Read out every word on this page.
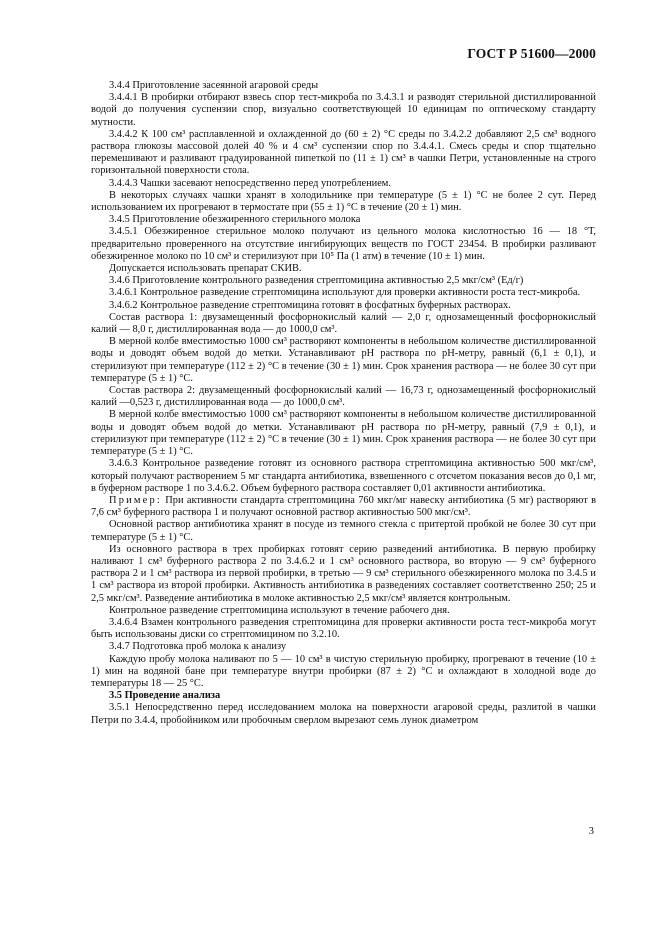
ГОСТ Р 51600—2000

3.4.4 Приготовление засеянной агаровой среды

3.4.4.1 В пробирки отбирают взвесь спор тест-микроба по 3.4.3.1 и разводят стерильной дистиллированной водой до получения суспензии спор, визуально соответствующей 10 единицам по оптическому стандарту мутности.

3.4.4.2 К 100 см³ расплавленной и охлажденной до (60 ± 2) °С среды по 3.4.2.2 добавляют 2,5 см³ водного раствора глюкозы массовой долей 40 % и 4 см³ суспензии спор по 3.4.4.1. Смесь среды и спор тщательно перемешивают и разливают градуированной пипеткой по (11 ± 1) см³ в чашки Петри, установленные на строго горизонтальной поверхности стола.

3.4.4.3 Чашки засевают непосредственно перед употреблением.

В некоторых случаях чашки хранят в холодильнике при температуре (5 ± 1) °С не более 2 сут. Перед использованием их прогревают в термостате при (55 ± 1) °С в течение (20 ± 1) мин.

3.4.5 Приготовление обезжиренного стерильного молока

3.4.5.1 Обезжиренное стерильное молоко получают из цельного молока кислотностью 16 — 18 °Т, предварительно проверенного на отсутствие ингибирующих веществ по ГОСТ 23454. В пробирки разливают обезжиренное молоко по 10 см³ и стерилизуют при 10⁵ Па (1 атм) в течение (10 ± 1) мин.

Допускается использовать препарат СКИВ.

3.4.6 Приготовление контрольного разведения стрептомицина активностью 2,5 мкг/см³ (Ед/г)

3.4.6.1 Контрольное разведение стрептомицина используют для проверки активности роста тест-микроба.

3.4.6.2 Контрольное разведение стрептомицина готовят в фосфатных буферных растворах.

Состав раствора 1: двузамещенный фосфорнокислый калий — 2,0 г, однозамещенный фосфорнокислый калий — 8,0 г, дистиллированная вода — до 1000,0 см³.

В мерной колбе вместимостью 1000 см³ растворяют компоненты в небольшом количестве дистиллированной воды и доводят объем водой до метки. Устанавливают рН раствора по рН-метру, равный (6,1 ± 0,1), и стерилизуют при температуре (112 ± 2) °С в течение (30 ± 1) мин. Срок хранения раствора — не более 30 сут при температуре (5 ± 1) °С.

Состав раствора 2: двузамещенный фосфорнокислый калий — 16,73 г, однозамещенный фосфорнокислый калий —0,523 г, дистиллированная вода — до 1000,0 см³.

В мерной колбе вместимостью 1000 см³ растворяют компоненты в небольшом количестве дистиллированной воды и доводят объем водой до метки. Устанавливают рН раствора по рН-метру, равный (7,9 ± 0,1), и стерилизуют при температуре (112 ± 2) °С в течение (30 ± 1) мин. Срок хранения раствора — не более 30 сут при температуре (5 ± 1) °С.

3.4.6.3 Контрольное разведение готовят из основного раствора стрептомицина активностью 500 мкг/см³, который получают растворением 5 мг стандарта антибиотика, взвешенного с отсчетом показания весов до 0,1 мг, в буферном растворе 1 по 3.4.6.2. Объем буферного раствора составляет 0,01 активности антибиотика.

Пример: При активности стандарта стрептомицина 760 мкг/мг навеску антибиотика (5 мг) растворяют в 7,6 см³ буферного раствора 1 и получают основной раствор активностью 500 мкг/см³.

Основной раствор антибиотика хранят в посуде из темного стекла с притертой пробкой не более 30 сут при температуре (5 ± 1) °С.

Из основного раствора в трех пробирках готовят серию разведений антибиотика. В первую пробирку наливают 1 см³ буферного раствора 2 по 3.4.6.2 и 1 см³ основного раствора, во вторую — 9 см³ буферного раствора 2 и 1 см³ раствора из первой пробирки, в третью — 9 см³ стерильного обезжиренного молока по 3.4.5 и 1 см³ раствора из второй пробирки. Активность антибиотика в разведениях составляет соответственно 250; 25 и 2,5 мкг/см³. Разведение антибиотика в молоке активностью 2,5 мкг/см³ является контрольным.

Контрольное разведение стрептомицина используют в течение рабочего дня.

3.4.6.4 Взамен контрольного разведения стрептомицина для проверки активности роста тест-микроба могут быть использованы диски со стрептомицином по 3.2.10.

3.4.7 Подготовка проб молока к анализу

Каждую пробу молока наливают по 5 — 10 см³ в чистую стерильную пробирку, прогревают в течение (10 ± 1) мин на водяной бане при температуре внутри пробирки (87 ± 2) °С и охлаждают в холодной воде до температуры 18 — 25 °С.

3.5 Проведение анализа

3.5.1 Непосредственно перед исследованием молока на поверхности агаровой среды, разлитой в чашки Петри по 3.4.4, пробойником или пробочным сверлом вырезают семь лунок диаметром

3
